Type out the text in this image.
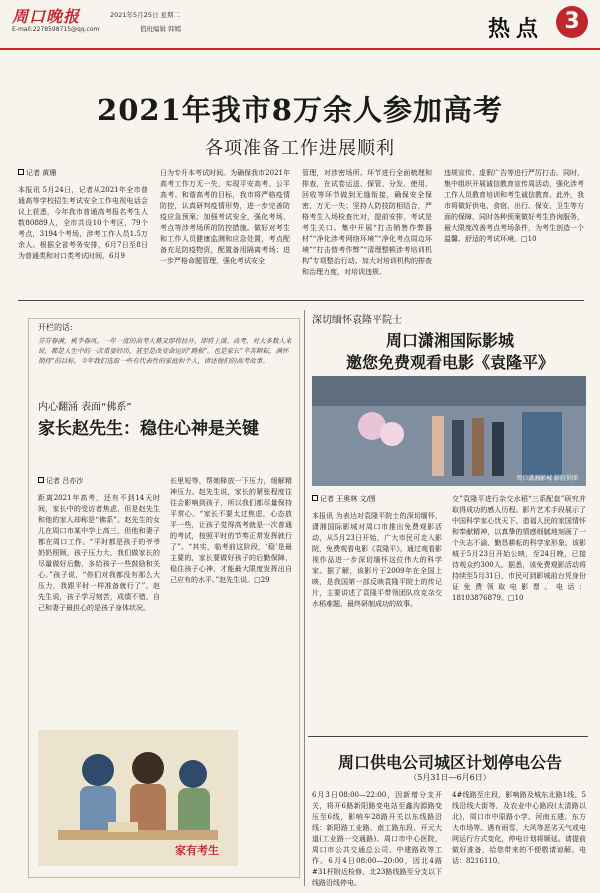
周口晚报
E-mail:2278598715@qq.com
2021年5月25日 星期二
值班编辑 韩嫣	热点 3
2021年我市8万余人参加高考
各项准备工作进展顺利
记者 黄珊
本报讯 5月24日，记者从2021年全市普通高等学校招生考试安全工作电视电话会议上获悉，今年我市普通高考报名考生人数80889人，全市共设10个考区，79个考点，3194个考场，涉考工作人员1.5万余人。根据全省考务安排，6月7日至8日为普通类和对口类考试时间，6月9
日为专升本考试时间。为确保我市2021年高考工作万无一失，实现平安高考、公平高考、和谐高考的目标，我市将严格疫情防控，认真研判疫情形势，进一步完善防疫应急预案；加强考试安全，强化考场、考点等涉考场所的防控措施。做好对考生和工作人员健康监测和应急处置，考点配备充足防疫物资，配置备用隔离考场；进一步严格命题管理，强化考试安全
管理，对涉密场所、环节进行全面梳理和排查，在试卷运送、保管、分发、使用、回收等环节做到无缝衔接，确保安全保密，万无一失；坚持人防技防相结合，严格考生入场检查比对，提前安排，考试是考生关口。集中开展“打击销售作弊器材”“净化涉考网络环境”“净化考点周边环境”“打击替考作弊”“清理整顿涉考培训机构”专项整治行动。加大对培训机构的排查和治理力度，对培训违规、
违规宣传、虚假广告等进行严厉打击。同时，集中组织开展诚信教育宣传周活动，强化涉考工作人员教育培训和考生诚信教育。此外，我市将做好供电、食宿、出行、保安、卫生等方面的保障，同时各种预案做好考生咨询服务，最大限度改善考点考场条件，为考生创造一个温馨、舒适的考试环境。□10
开栏的话:
芬芬春满，桃李春风。一年一度的高考大幕又即将拉开，即将上演。高考，对大多数人来说，都是人生中的一次重要经历，甚至是改变命运的“跳板”。也是家长“辛苦耕耘，满怀期待”的目标。今年我们选取一些有代表性的家庭和个人，讲述他们的高考故事。
内心翻涌 表面“佛系”
家长赵先生：稳住心神是关键
记者 吕亦沙
距离2021年高考，还有不到14天时间，家长中的受访者焦虑，但是赵先生和他的家人却称是“佛系”。赵先生的女儿在周口市某中学上高三，但他和妻子都在周口工作。“平时都是孩子的爷爷奶奶照顾，孩子压力大，我们做家长的尽量做好后勤，多给孩子一些鼓励和关心。”孩子说，“你们对我都没有那么大压力，我跟平时一样准备就行了”。赵先生说，孩子学习刻苦，成绩不错，自己和妻子最担心的是孩子身体状况。
长里短等，帮她释放一下压力，缓解精神压力。赵先生说，家长的紧张程度往往会影响到孩子，所以我们都尽量保持平常心。“家长不要太过焦虑，心态放平一些，让孩子觉得高考就是一次普通的考试，按照平时的节奏正常发挥就行了”。“其实，临考前这阶段，‘稳’是最主要的，家长要做好孩子的后勤保障，稳住孩子心神，才能最大限度发挥出自己应有的水平。”赵先生说。□29
家有考生
深切缅怀袁隆平院士
周口潇湘国际影城
邀您免费观看电影《袁隆平》
周口潇湘影城 影院供图
记者 王奥林 文/图
本报讯 为表达对袁隆平院士的深切缅怀，潇湘国际影城对周口市推出免费观影活动，从5月23日开始，广大市民可走入影院，免费观看电影《袁隆平》，通过观看影视作品进一步深切缅怀这位伟大的科学家。据了解，该影片于2009年在全国上映，是我国第一部反映袁隆平院士的传记片，主要讲述了袁隆平带领团队攻克杂交水稻难题、最终研制成功的故事。
交”袁隆平进行杂交水稻“三系配套”研究并取得成功的感人历程。影片艺术手段展示了中国科学家心忧天下、造福人民的家国情怀和奉献精神，以真挚的情感细腻地刻画了一个矢志不渝、勤恳耕耘的科学家形象。该影城于5月23日开始公映，至24日晚，已接待观众约300人。据悉，该免费观影活动将持续至5月31日，市民可到影城前台凭身份证免费领取电影票。电话：18103876879。□10
周口供电公司城区计划停电公告
（5月31日—6月6日）
6月3日08:00—22:00，因新增分支开关，将开6路新阳路变电站至鑫沟源路变压至6线，影响车28路开关以东线路沿线：新阳路工业路、南工路东段、开元大道(工业路一交通路)、周口市中心医院，周口市公共交通总公司、中建路政等工作。6月4日08:00—20:00，因北4路#31杆附近检修，北23路线路至分支以下线路沿线停电。
4#线路至庄段，影响路及城东北路1线、5线沿线大街等，及农业中心路段(太清路以北)，周口市中原路小学、河南五建、东方大市场等。遇有雨雪、大风等恶劣天气或电网运行方式变化，停电计划将顺延。请提前做好准备，给您带来的不便敬请谅解。电话：8216110。
